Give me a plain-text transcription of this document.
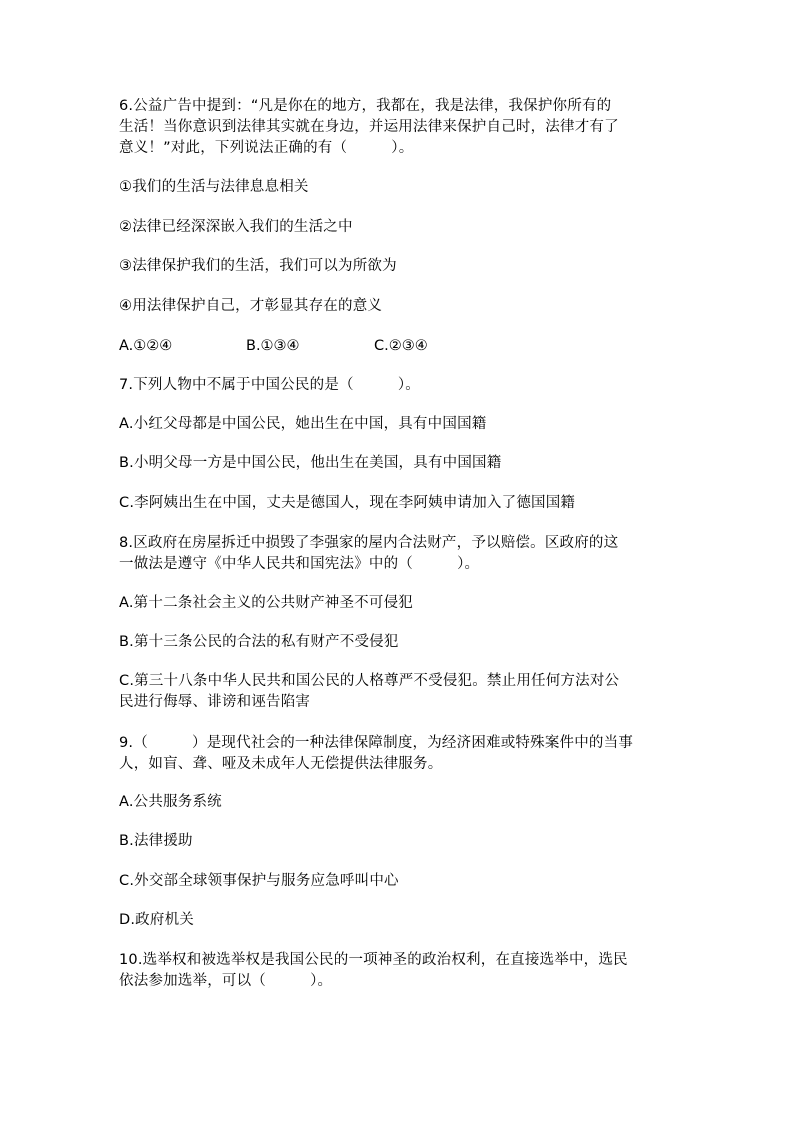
6.公益广告中提到：“凡是你在的地方，我都在，我是法律，我保护你所有的
生活！当你意识到法律其实就在身边，并运用法律来保护自己时，法律才有了
意义！”对此，下列说法正确的有（　　　）。
①我们的生活与法律息息相关
②法律已经深深嵌入我们的生活之中
③法律保护我们的生活，我们可以为所欲为
④用法律保护自己，才彰显其存在的意义
A.①②④	B.①③④	C.②③④
7.下列人物中不属于中国公民的是（　　　）。
A.小红父母都是中国公民，她出生在中国，具有中国国籍
B.小明父母一方是中国公民，他出生在美国，具有中国国籍
C.李阿姨出生在中国，丈夫是德国人，现在李阿姨申请加入了德国国籍
8.区政府在房屋拆迁中损毁了李强家的屋内合法财产，予以赔偿。区政府的这
一做法是遵守《中华人民共和国宪法》中的（　　　）。
A.第十二条社会主义的公共财产神圣不可侵犯
B.第十三条公民的合法的私有财产不受侵犯
C.第三十八条中华人民共和国公民的人格尊严不受侵犯。禁止用任何方法对公
民进行侮辱、诽谤和诬告陷害
9.（　　　）是现代社会的一种法律保障制度，为经济困难或特殊案件中的当事
人，如盲、聋、哑及未成年人无偿提供法律服务。
A.公共服务系统
B.法律援助
C.外交部全球领事保护与服务应急呼叫中心
D.政府机关
10.选举权和被选举权是我国公民的一项神圣的政治权利，在直接选举中，选民
依法参加选举，可以（　　　）。
